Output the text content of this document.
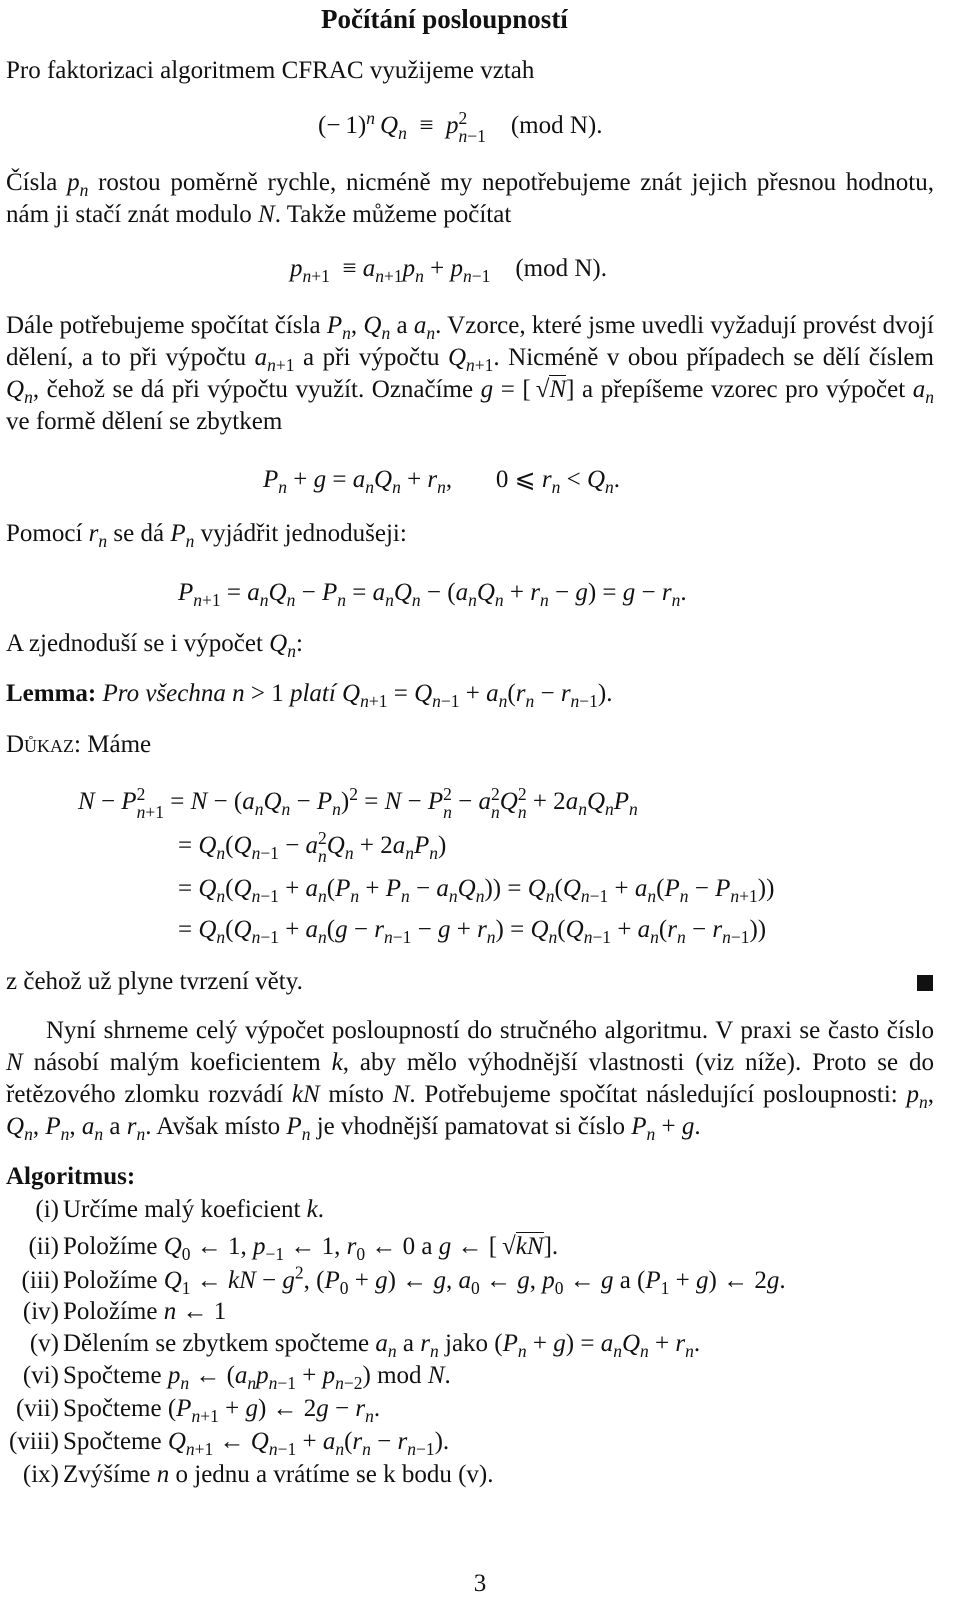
Počítání posloupností
Pro faktorizaci algoritmem CFRAC využijeme vztah
(− 1)$^n$  $Q_n \equiv p$ 2
n−1 (mod N).
Čísla $p_n$ rostou poměrně rychle, nicméně my nepotřebujeme znát jejich přesnou hodnotu, nám ji stačí znát modulo N. Takže můžeme počítat
$p_{n+1} \equiv a_{n+1}p_n + p_{n-1}$ (mod N).
Dále potřebujeme spočítat čísla $P_n$, $Q_n$ a $a_n$. Vzorce, které jsme uvedli vyžadují provést dvojí dělení, a to při výpočtu $a_{n+1}$ a při výpočtu $Q_{n+1}$. Nicméně v obou případech se dělí číslem $Q_n$, čehož se dá při výpočtu využít. Označíme g = [ √N] a přepíšeme vzorec pro výpočet $a_n$ ve formě dělení se zbytkem
$P_n + g = a_nQ_n + r_n$,       0 ⩽ $r_n < Q_n$.
Pomocí $r_n$ se dá $P_n$ vyjádřit jednodušeji:
$P_{n+1} = a_nQ_n - P_n = a_nQ_n - (a_nQ_n + r_n - g) = g - r_n$.
A zjednoduší se i výpočet $Q_n$:
Lemma: Pro všechna n > 1 platí $Q_{n+1} = Q_{n-1} + a_n(r_n - r_{n-1})$.
Důkaz: Máme
N − P 2
$n+1 = N - (a_nQ_n - P_n)^2 = N - P$ 2
n − a 2
n Q 2
$n + 2a_nQ_nP_n$
= $Q_n(Q_{n-1} - a$ 2
n $Q_n + 2a_nP_n$)
= $Q_n(Q_{n-1} + a_n(P_n + P_n - a_nQ_n)) = Q_n(Q_{n-1} + a_n(P_n - P_{n+1}))$
= $Q_n(Q_{n-1} + a_n(g - r_{n-1} - g + r_n) = Q_n(Q_{n-1} + a_n(r_n - r_{n-1}))$
z čehož už plyne tvrzení věty.
Nyní shrneme celý výpočet posloupností do stručného algoritmu. V praxi se často číslo N násobí malým koeficientem k, aby mělo výhodnější vlastnosti (viz níže). Proto se do řetězového zlomku rozvádí kN místo N. Potřebujeme spočítat následující posloupnosti: $p_n$, $Q_n$, $P_n$, $a_n$ a $r_n$. Avšak místo $P_n$ je vhodnější pamatovat si číslo $P_n + g$.
Algoritmus:
(i) Určíme malý koeficient k.
(ii) Položíme $Q_0$ ← 1, $p_{-1}$ ← 1, $r_0$ ← 0 a g ← [ √kN].
(iii) Položíme $Q_1$ ← kN − $g^2$, $(P_0 + g)$ ← g, $a_0$ ← g, $p_0$ ← g a $(P_1 + g)$ ← 2g.
(iv) Položíme n ← 1
(v) Dělením se zbytkem spočteme $a_n$ a $r_n$ jako $(P_n + g) = a_nQ_n + r_n$.
(vi) Spočteme $p_n$ ← $(a_np_{n-1} + p_{n-2})$ mod N.
(vii) Spočteme $(P_{n+1} + g)$ ← $2g - r_n$.
(viii) Spočteme $Q_{n+1}$ ← $Q_{n-1} + a_n(r_n - r_{n-1})$.
(ix) Zvýšíme n o jednu a vrátíme se k bodu (v).
3
